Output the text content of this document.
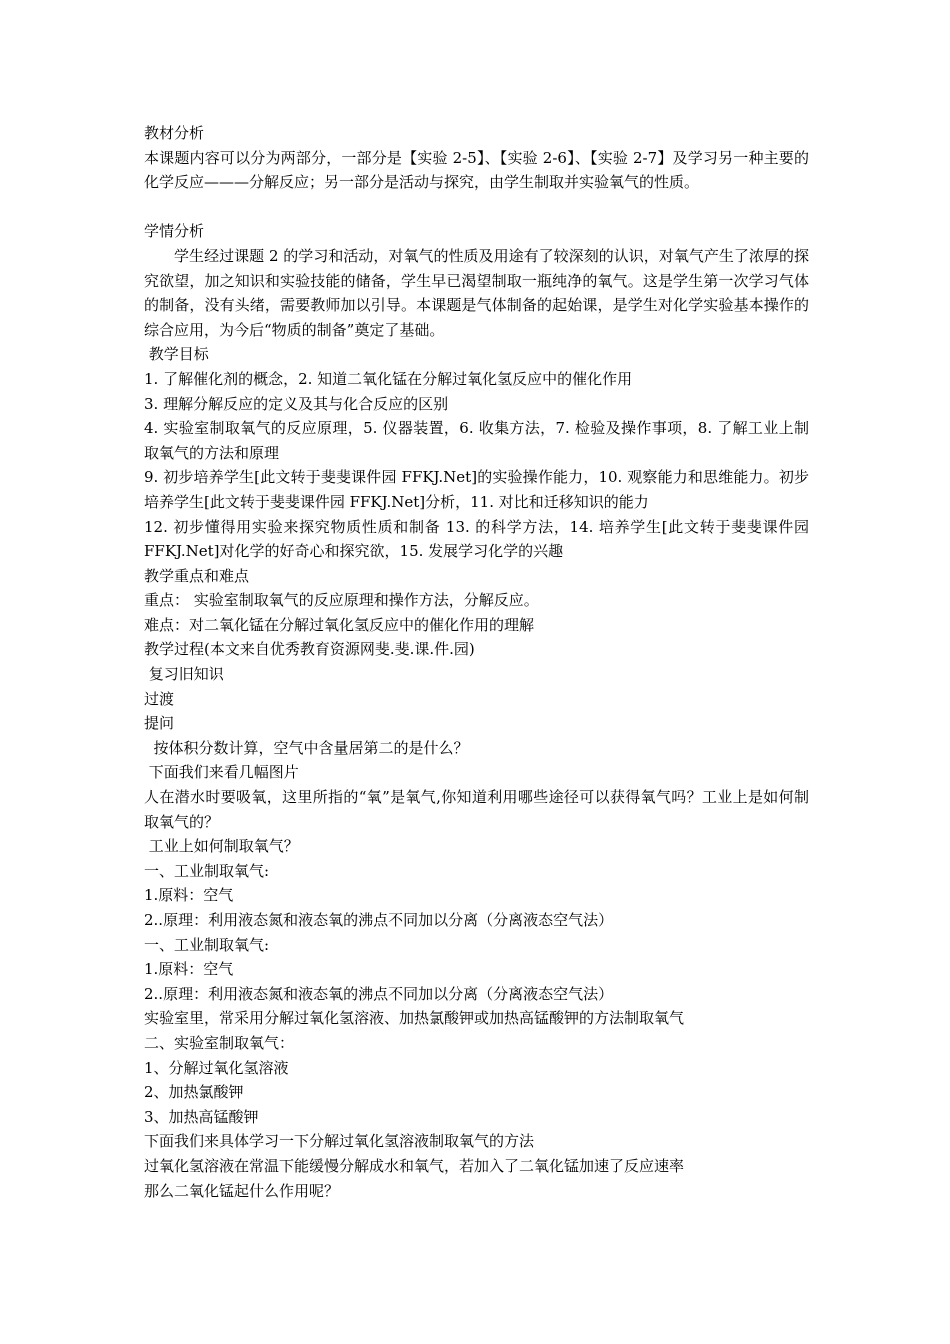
教材分析
本课题内容可以分为两部分，一部分是【实验 2-5】、【实验 2-6】、【实验 2-7】及学习另一种主要的化学反应———分解反应；另一部分是活动与探究，由学生制取并实验氧气的性质。
学情分析
　　学生经过课题 2 的学习和活动，对氧气的性质及用途有了较深刻的认识，对氧气产生了浓厚的探究欲望，加之知识和实验技能的储备，学生早已渴望制取一瓶纯净的氧气。这是学生第一次学习气体的制备，没有头绪，需要教师加以引导。本课题是气体制备的起始课，是学生对化学实验基本操作的综合应用，为今后“物质的制备”奠定了基础。
教学目标
1. 了解催化剂的概念，2. 知道二氧化锰在分解过氧化氢反应中的催化作用
3. 理解分解反应的定义及其与化合反应的区别
4. 实验室制取氧气的反应原理，5. 仪器装置，6. 收集方法，7. 检验及操作事项，8. 了解工业上制取氧气的方法和原理
9. 初步培养学生[此文转于斐斐课件园 FFKJ.Net]的实验操作能力，10. 观察能力和思维能力。初步培养学生[此文转于斐斐课件园 FFKJ.Net]分析，11. 对比和迁移知识的能力
12. 初步懂得用实验来探究物质性质和制备 13. 的科学方法，14. 培养学生[此文转于斐斐课件园 FFKJ.Net]对化学的好奇心和探究欲，15. 发展学习化学的兴趣
教学重点和难点
重点： 实验室制取氧气的反应原理和操作方法，分解反应。
难点：对二氧化锰在分解过氧化氢反应中的催化作用的理解
教学过程(本文来自优秀教育资源网斐.斐.课.件.园)
复习旧知识
过渡
提问
按体积分数计算，空气中含量居第二的是什么？
下面我们来看几幅图片
人在潜水时要吸氧，这里所指的“氧”是氧气,你知道利用哪些途径可以获得氧气吗？工业上是如何制取氧气的？
工业上如何制取氧气？
一、工业制取氧气:
1.原料：空气
2..原理：利用液态氮和液态氧的沸点不同加以分离（分离液态空气法）
一、工业制取氧气:
1.原料：空气
2..原理：利用液态氮和液态氧的沸点不同加以分离（分离液态空气法）
实验室里，常采用分解过氧化氢溶液、加热氯酸钾或加热高锰酸钾的方法制取氧气
二、实验室制取氧气：
1、分解过氧化氢溶液
2、加热氯酸钾
3、加热高锰酸钾
下面我们来具体学习一下分解过氧化氢溶液制取氧气的方法
过氧化氢溶液在常温下能缓慢分解成水和氧气，若加入了二氧化锰加速了反应速率
那么二氧化锰起什么作用呢？
